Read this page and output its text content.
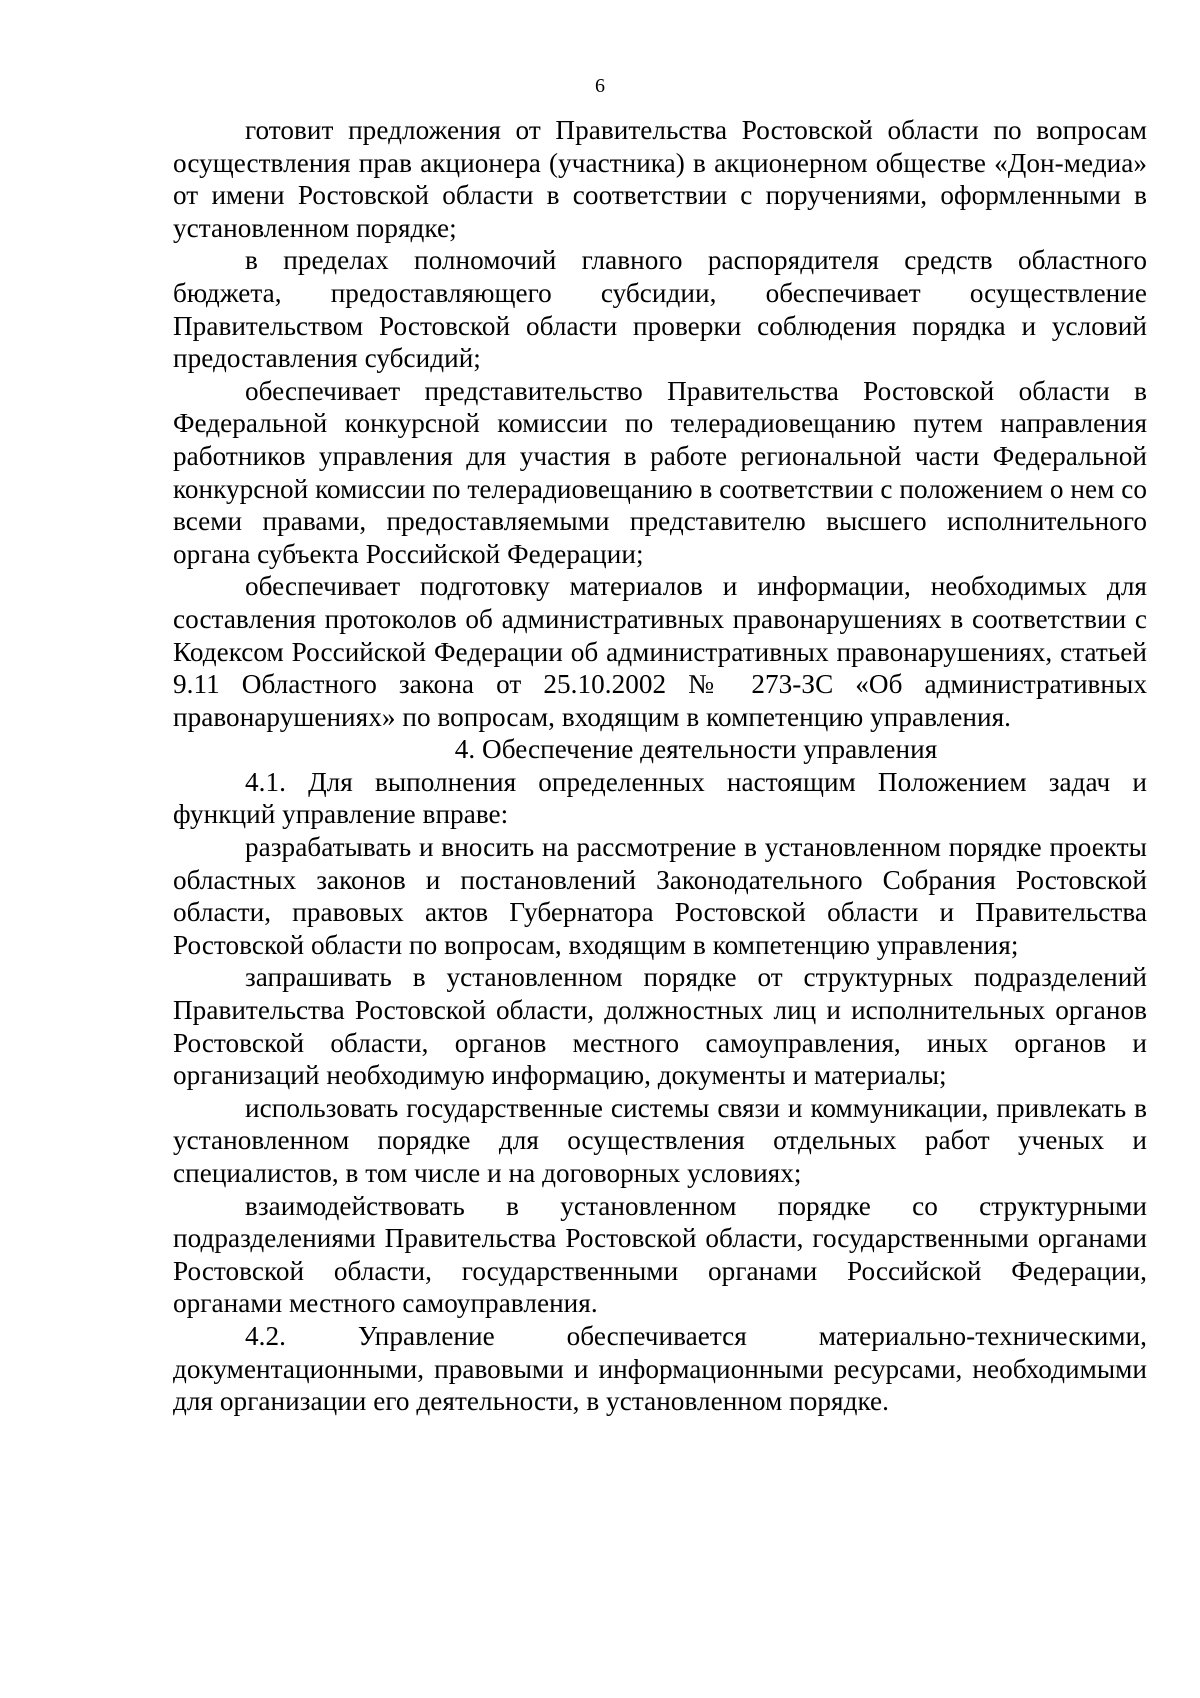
6

готовит предложения от Правительства Ростовской области по вопросам осуществления прав акционера (участника) в акционерном обществе «Дон-медиа» от имени Ростовской области в соответствии с поручениями, оформленными в установленном порядке;

в пределах полномочий главного распорядителя средств областного бюджета, предоставляющего субсидии, обеспечивает осуществление Правительством Ростовской области проверки соблюдения порядка и условий предоставления субсидий;

обеспечивает представительство Правительства Ростовской области в Федеральной конкурсной комиссии по телерадиовещанию путем направления работников управления для участия в работе региональной части Федеральной конкурсной комиссии по телерадиовещанию в соответствии с положением о нем со всеми правами, предоставляемыми представителю высшего исполнительного органа субъекта Российской Федерации;

обеспечивает подготовку материалов и информации, необходимых для составления протоколов об административных правонарушениях в соответствии с Кодексом Российской Федерации об административных правонарушениях, статьей 9.11 Областного закона от 25.10.2002 № 273-ЗС «Об административных правонарушениях» по вопросам, входящим в компетенцию управления.

4. Обеспечение деятельности управления

4.1. Для выполнения определенных настоящим Положением задач и функций управление вправе:

разрабатывать и вносить на рассмотрение в установленном порядке проекты областных законов и постановлений Законодательного Собрания Ростовской области, правовых актов Губернатора Ростовской области и Правительства Ростовской области по вопросам, входящим в компетенцию управления;

запрашивать в установленном порядке от структурных подразделений Правительства Ростовской области, должностных лиц и исполнительных органов Ростовской области, органов местного самоуправления, иных органов и организаций необходимую информацию, документы и материалы;

использовать государственные системы связи и коммуникации, привлекать в установленном порядке для осуществления отдельных работ ученых и специалистов, в том числе и на договорных условиях;

взаимодействовать в установленном порядке со структурными подразделениями Правительства Ростовской области, государственными органами Ростовской области, государственными органами Российской Федерации, органами местного самоуправления.

4.2. Управление обеспечивается материально-техническими, документационными, правовыми и информационными ресурсами, необходимыми для организации его деятельности, в установленном порядке.
